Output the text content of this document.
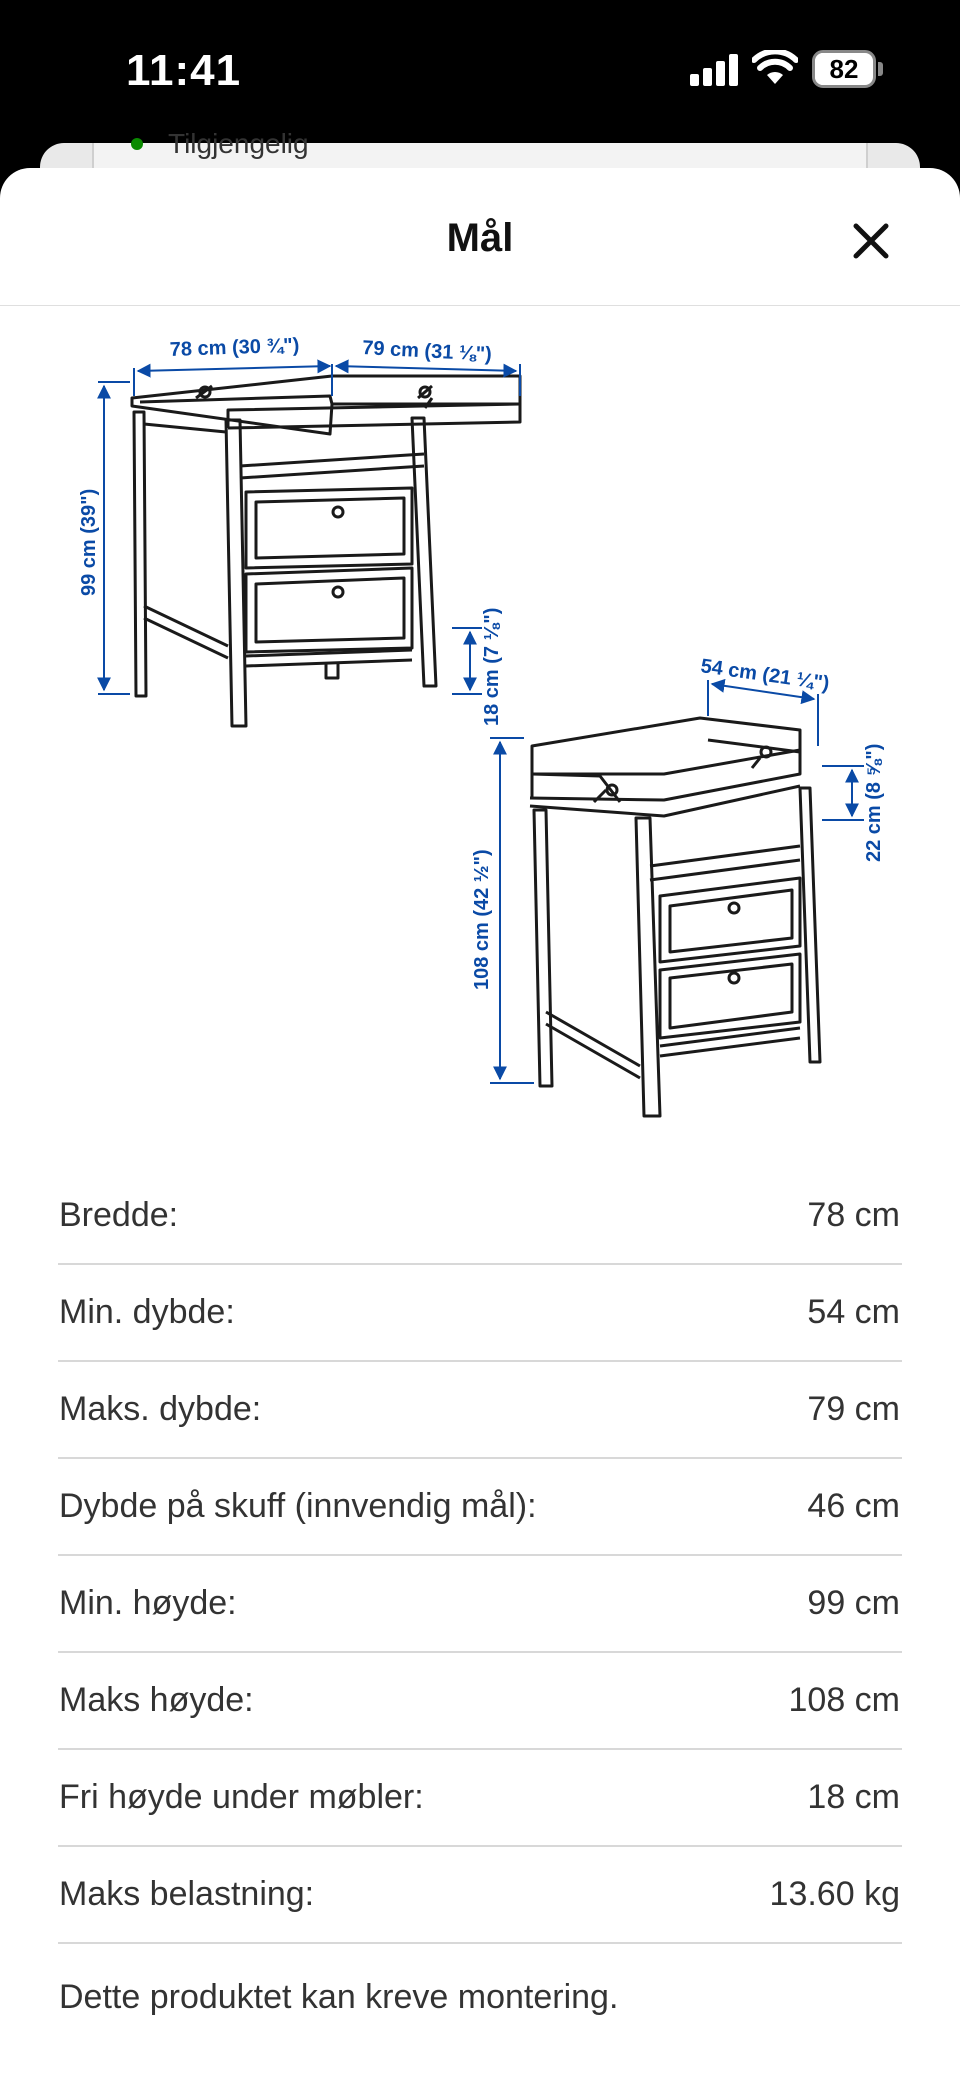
11:41	82
Tilgjengelig
Mål
78 cm (30 ¾")	79 cm (31 ⅛")
99 cm (39")
18 cm (7 ⅛")	54 cm (21 ¼")
108 cm (42 ½")
22 cm (8 ⅝")
Bredde:	78 cm
Min. dybde:	54 cm
Maks. dybde:	79 cm
Dybde på skuff (innvendig mål):	46 cm
Min. høyde:	99 cm
Maks høyde:	108 cm
Fri høyde under møbler:	18 cm
Maks belastning:	13.60 kg
Dette produktet kan kreve montering.
